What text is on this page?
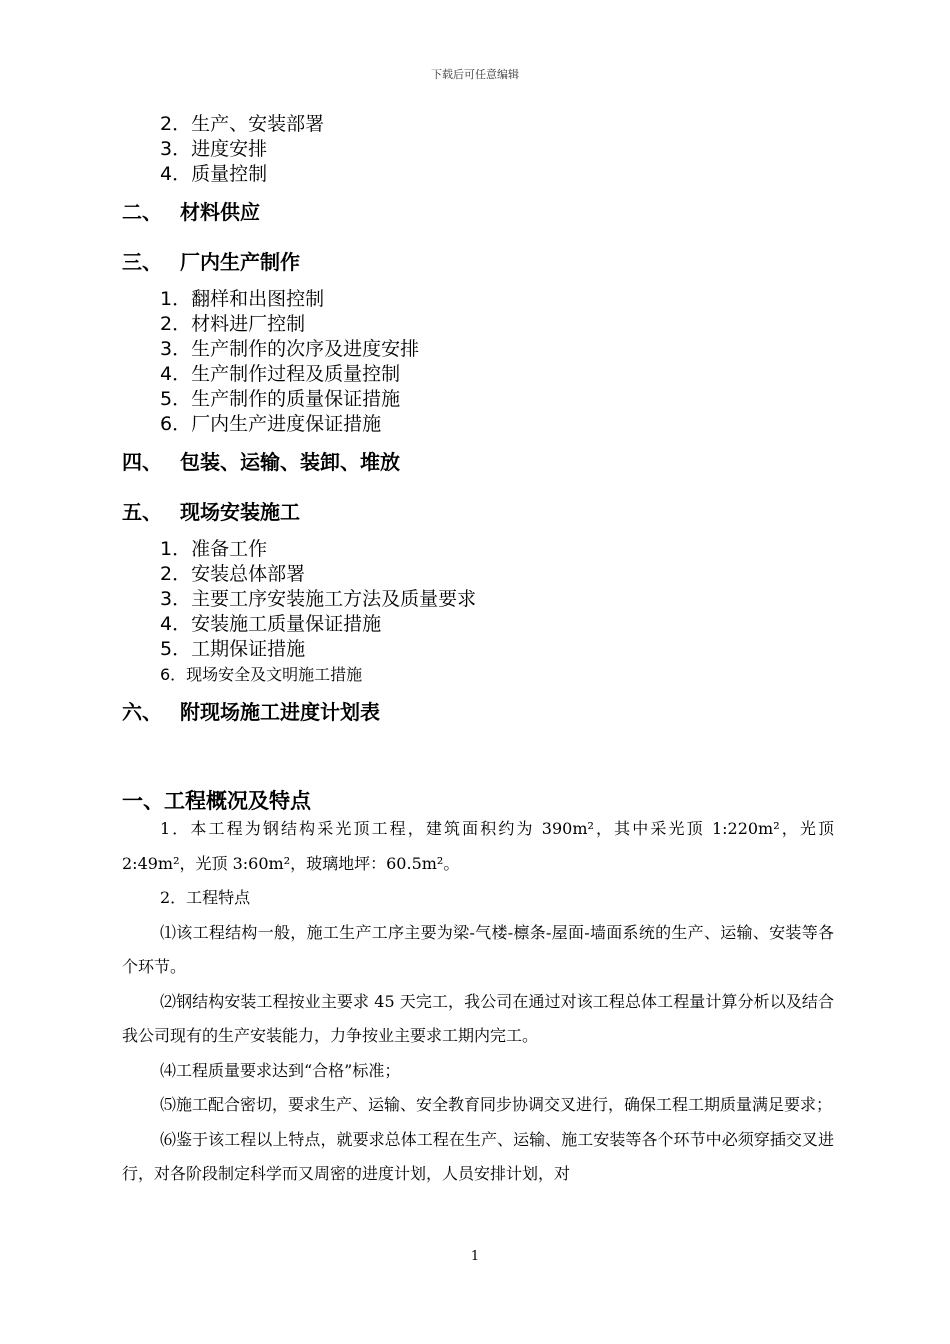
下载后可任意编辑
2．生产、安装部署
3．进度安排
4．质量控制
二、 材料供应
三、 厂内生产制作
1．翻样和出图控制
2．材料进厂控制
3．生产制作的次序及进度安排
4．生产制作过程及质量控制
5．生产制作的质量保证措施
6．厂内生产进度保证措施
四、 包装、运输、装卸、堆放
五、 现场安装施工
1．准备工作
2．安装总体部署
3．主要工序安装施工方法及质量要求
4．安装施工质量保证措施
5．工期保证措施
6．现场安全及文明施工措施
六、 附现场施工进度计划表
一、工程概况及特点

1．本工程为钢结构采光顶工程，建筑面积约为 390m²，其中采光顶 1:220m²，光顶 2:49m²，光顶 3:60m²，玻璃地坪：60.5m²。

2．工程特点

⑴该工程结构一般，施工生产工序主要为梁-气楼-檩条-屋面-墙面系统的生产、运输、安装等各个环节。

⑵钢结构安装工程按业主要求 45 天完工，我公司在通过对该工程总体工程量计算分析以及结合我公司现有的生产安装能力，力争按业主要求工期内完工。

⑷工程质量要求达到“合格”标准；

⑸施工配合密切，要求生产、运输、安全教育同步协调交叉进行，确保工程工期质量满足要求；

⑹鉴于该工程以上特点，就要求总体工程在生产、运输、施工安装等各个环节中必须穿插交叉进行，对各阶段制定科学而又周密的进度计划，人员安排计划，对

1
